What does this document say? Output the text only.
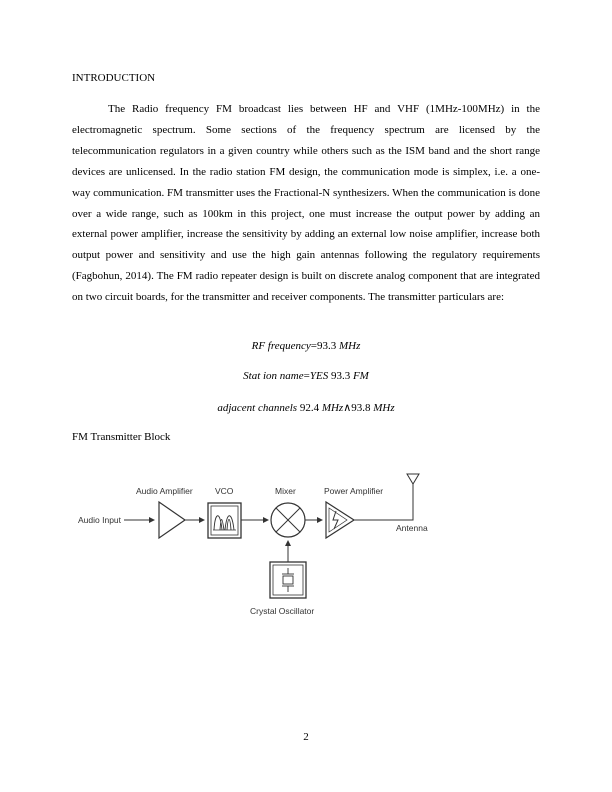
INTRODUCTION

The Radio frequency FM broadcast lies between HF and VHF (1MHz-100MHz) in the electromagnetic spectrum. Some sections of the frequency spectrum are licensed by the telecommunication regulators in a given country while others such as the ISM band and the short range devices are unlicensed. In the radio station FM design, the communication mode is simplex, i.e. a one-way communication. FM transmitter uses the Fractional-N synthesizers. When the communication is done over a wide range, such as 100km in this project, one must increase the output power by adding an external power amplifier, increase the sensitivity by adding an external low noise amplifier, increase both output power and sensitivity and use the high gain antennas following the regulatory requirements (Fagbohun, 2014). The FM radio repeater design is built on discrete analog component that are integrated on two circuit boards, for the transmitter and receiver components. The transmitter particulars are:

RF frequency=93.3 MHz
Stat ion name=YES 93.3 FM
adjacent channels 92.4 MHz∧93.8 MHz
FM Transmitter Block
Audio Input
Audio Amplifier	VCO	Mixer	Power Amplifier
Antenna
Crystal Oscillator
2
